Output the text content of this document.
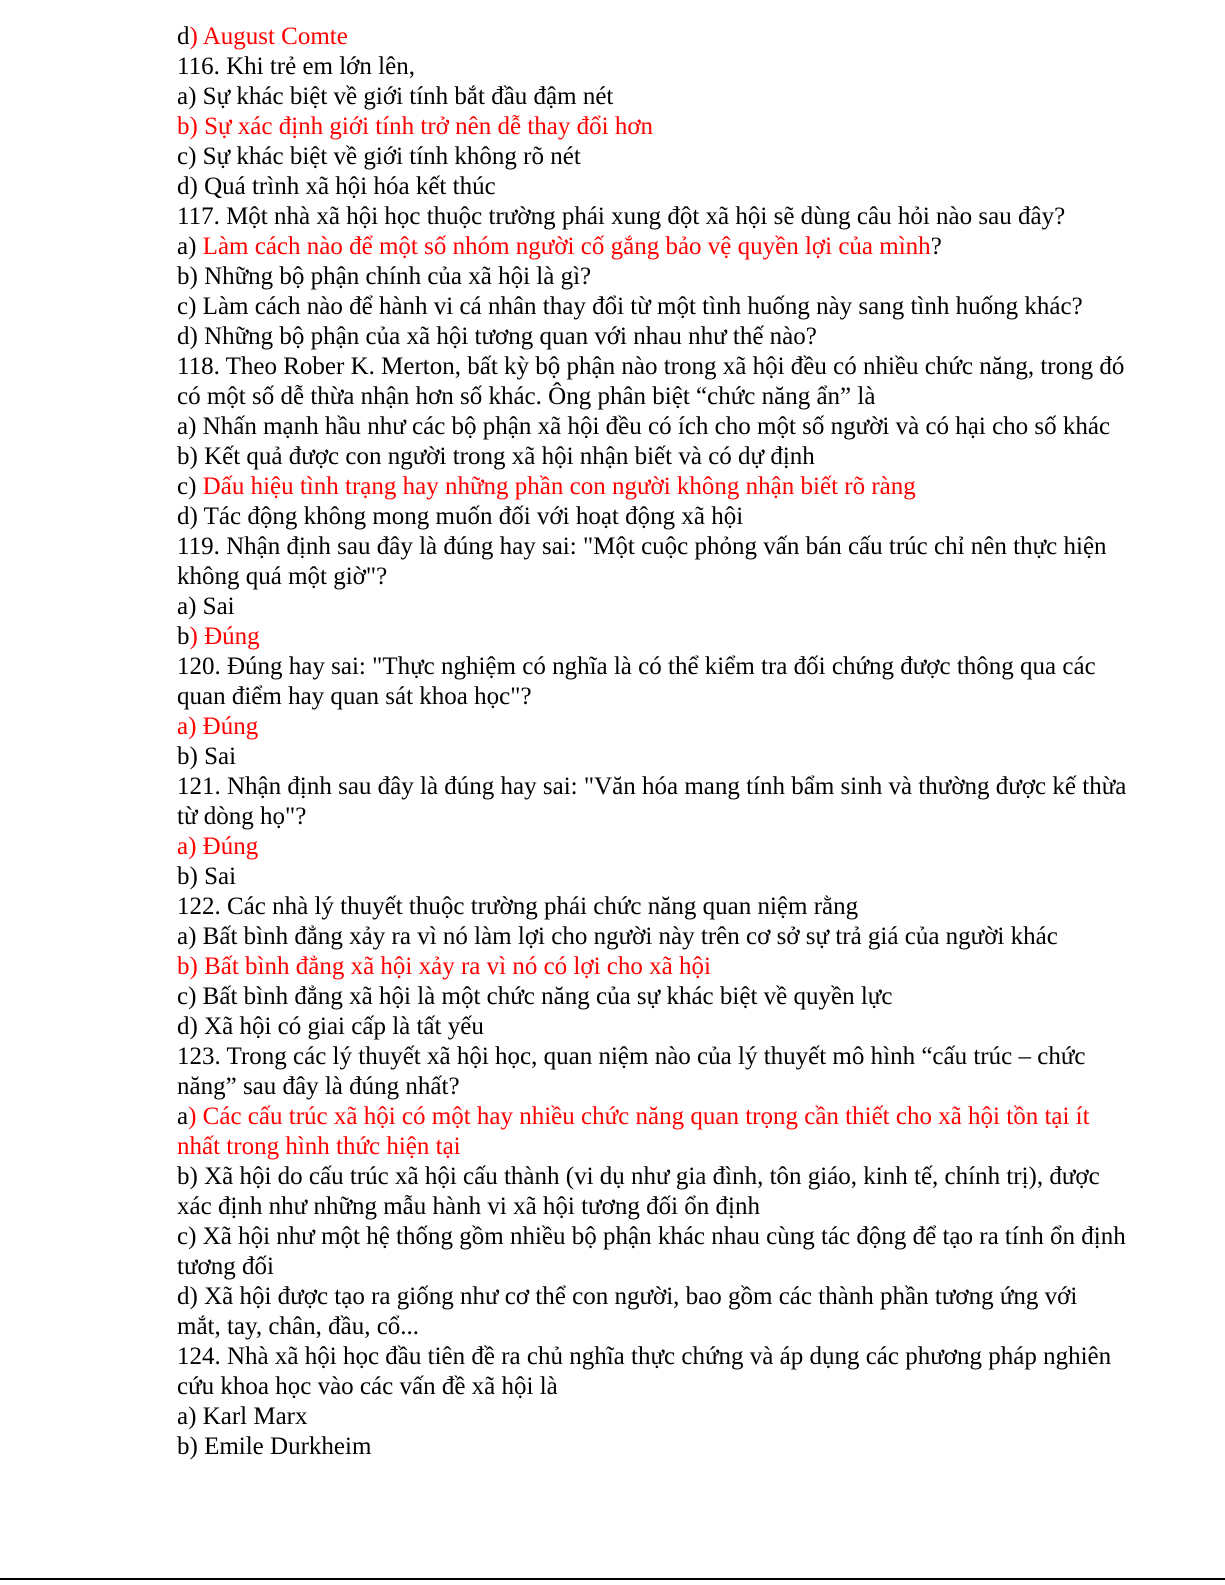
d) August Comte

116. Khi trẻ em lớn lên,

a) Sự khác biệt về giới tính bắt đầu đậm nét

b) Sự xác định giới tính trở nên dễ thay đổi hơn

c) Sự khác biệt về giới tính không rõ nét

d) Quá trình xã hội hóa kết thúc

117. Một nhà xã hội học thuộc trường phái xung đột xã hội sẽ dùng câu hỏi nào sau đây?

a) Làm cách nào để một số nhóm người cố gắng bảo vệ quyền lợi của mình?

b) Những bộ phận chính của xã hội là gì?

c) Làm cách nào để hành vi cá nhân thay đổi từ một tình huống này sang tình huống khác?

d) Những bộ phận của xã hội tương quan với nhau như thế nào?

118. Theo Rober K. Merton, bất kỳ bộ phận nào trong xã hội đều có nhiều chức năng, trong đó có một số dễ thừa nhận hơn số khác. Ông phân biệt “chức năng ẩn” là

a) Nhấn mạnh hầu như các bộ phận xã hội đều có ích cho một số người và có hại cho số khác

b) Kết quả được con người trong xã hội nhận biết và có dự định

c) Dấu hiệu tình trạng hay những phần con người không nhận biết rõ ràng

d) Tác động không mong muốn đối với hoạt động xã hội

119. Nhận định sau đây là đúng hay sai: "Một cuộc phỏng vấn bán cấu trúc chỉ nên thực hiện không quá một giờ"?

a) Sai

b) Đúng

120. Đúng hay sai: "Thực nghiệm có nghĩa là có thể kiểm tra đối chứng được thông qua các quan điểm hay quan sát khoa học"?

a) Đúng

b) Sai

121. Nhận định sau đây là đúng hay sai: "Văn hóa mang tính bẩm sinh và thường được kế thừa từ dòng họ"?

a) Đúng

b) Sai

122. Các nhà lý thuyết thuộc trường phái chức năng quan niệm rằng

a) Bất bình đẳng xảy ra vì nó làm lợi cho người này trên cơ sở sự trả giá của người khác

b) Bất bình đẳng xã hội xảy ra vì nó có lợi cho xã hội

c) Bất bình đẳng xã hội là một chức năng của sự khác biệt về quyền lực

d) Xã hội có giai cấp là tất yếu

123. Trong các lý thuyết xã hội học, quan niệm nào của lý thuyết mô hình “cấu trúc – chức năng” sau đây là đúng nhất?

a) Các cấu trúc xã hội có một hay nhiều chức năng quan trọng cần thiết cho xã hội tồn tại ít nhất trong hình thức hiện tại

b) Xã hội do cấu trúc xã hội cấu thành (vi dụ như gia đình, tôn giáo, kinh tế, chính trị), được xác định như những mẫu hành vi xã hội tương đối ổn định

c) Xã hội như một hệ thống gồm nhiều bộ phận khác nhau cùng tác động để tạo ra tính ổn định tương đối

d) Xã hội được tạo ra giống như cơ thể con người, bao gồm các thành phần tương ứng với mắt, tay, chân, đầu, cổ...

124. Nhà xã hội học đầu tiên đề ra chủ nghĩa thực chứng và áp dụng các phương pháp nghiên cứu khoa học vào các vấn đề xã hội là

a) Karl Marx

b) Emile Durkheim
